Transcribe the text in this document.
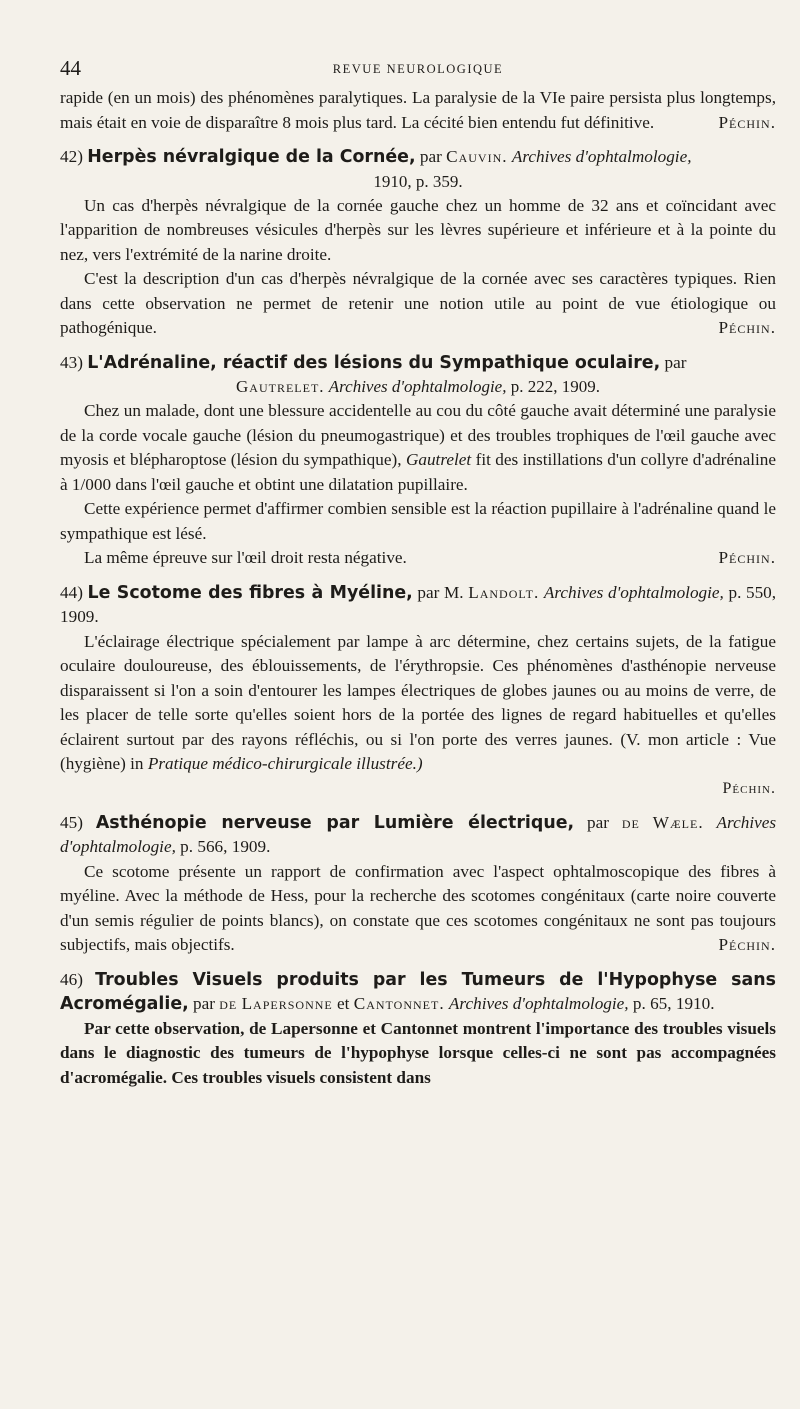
44	REVUE NEUROLOGIQUE

rapide (en un mois) des phénomènes paralytiques. La paralysie de la VIe paire persista plus longtemps, mais était en voie de disparaître 8 mois plus tard. La cécité bien entendu fut définitive.	Péchin.

42) Herpès névralgique de la Cornée, par Cauvin. Archives d'ophtalmologie,
1910, p. 359.

Un cas d'herpès névralgique de la cornée gauche chez un homme de 32 ans et coïncidant avec l'apparition de nombreuses vésicules d'herpès sur les lèvres supérieure et inférieure et à la pointe du nez, vers l'extrémité de la narine droite.

C'est la description d'un cas d'herpès névralgique de la cornée avec ses caractères typiques. Rien dans cette observation ne permet de retenir une notion utile au point de vue étiologique ou pathogénique.	Péchin.

43) L'Adrénaline, réactif des lésions du Sympathique oculaire, par
Gautrelet. Archives d'ophtalmologie, p. 222, 1909.

Chez un malade, dont une blessure accidentelle au cou du côté gauche avait déterminé une paralysie de la corde vocale gauche (lésion du pneumogastrique) et des troubles trophiques de l'œil gauche avec myosis et blépharoptose (lésion du sympathique), Gautrelet fit des instillations d'un collyre d'adrénaline à 1/000 dans l'œil gauche et obtint une dilatation pupillaire.

Cette expérience permet d'affirmer combien sensible est la réaction pupillaire à l'adrénaline quand le sympathique est lésé.

La même épreuve sur l'œil droit resta négative.	Péchin.

44) Le Scotome des fibres à Myéline, par M. Landolt. Archives d'ophtalmologie, p. 550, 1909.

L'éclairage électrique spécialement par lampe à arc détermine, chez certains sujets, de la fatigue oculaire douloureuse, des éblouissements, de l'érythropsie. Ces phénomènes d'asthénopie nerveuse disparaissent si l'on a soin d'entourer les lampes électriques de globes jaunes ou au moins de verre, de les placer de telle sorte qu'elles soient hors de la portée des lignes de regard habituelles et qu'elles éclairent surtout par des rayons réfléchis, ou si l'on porte des verres jaunes. (V. mon article : Vue (hygiène) in Pratique médico-chirurgicale illustrée.)

Péchin.
45) Asthénopie nerveuse par Lumière électrique, par de Wæle. Archives d'ophtalmologie, p. 566, 1909.

Ce scotome présente un rapport de confirmation avec l'aspect ophtalmoscopique des fibres à myéline. Avec la méthode de Hess, pour la recherche des scotomes congénitaux (carte noire couverte d'un semis régulier de points blancs), on constate que ces scotomes congénitaux ne sont pas toujours subjectifs, mais objectifs.	Péchin.

46) Troubles Visuels produits par les Tumeurs de l'Hypophyse sans Acromégalie, par de Lapersonne et Cantonnet. Archives d'ophtalmologie, p. 65, 1910.

Par cette observation, de Lapersonne et Cantonnet montrent l'importance des troubles visuels dans le diagnostic des tumeurs de l'hypophyse lorsque celles-ci ne sont pas accompagnées d'acromégalie. Ces troubles visuels consistent dans
